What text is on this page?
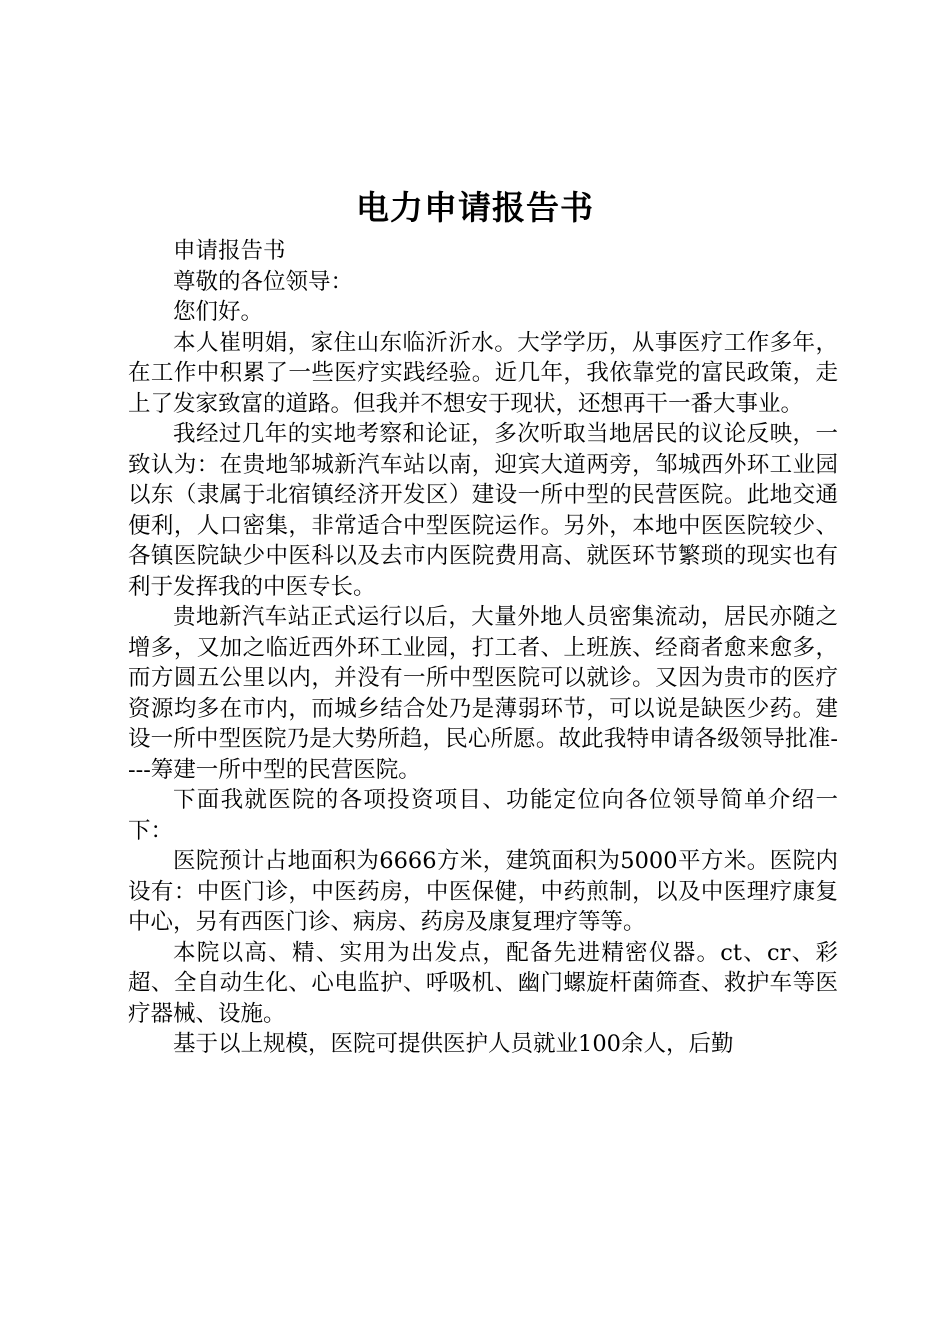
电力申请报告书

申请报告书

尊敬的各位领导：

您们好。

本人崔明娟，家住山东临沂沂水。大学学历，从事医疗工作多年，在工作中积累了一些医疗实践经验。近几年，我依靠党的富民政策，走上了发家致富的道路。但我并不想安于现状，还想再干一番大事业。

我经过几年的实地考察和论证，多次听取当地居民的议论反映，一致认为：在贵地邹城新汽车站以南，迎宾大道两旁，邹城西外环工业园以东（隶属于北宿镇经济开发区）建设一所中型的民营医院。此地交通便利，人口密集，非常适合中型医院运作。另外，本地中医医院较少、各镇医院缺少中医科以及去市内医院费用高、就医环节繁琐的现实也有利于发挥我的中医专长。

贵地新汽车站正式运行以后，大量外地人员密集流动，居民亦随之增多，又加之临近西外环工业园，打工者、上班族、经商者愈来愈多，而方圆五公里以内，并没有一所中型医院可以就诊。又因为贵市的医疗资源均多在市内，而城乡结合处乃是薄弱环节，可以说是缺医少药。建设一所中型医院乃是大势所趋，民心所愿。故此我特申请各级领导批准----筹建一所中型的民营医院。

下面我就医院的各项投资项目、功能定位向各位领导简单介绍一下：

医院预计占地面积为6666方米，建筑面积为5000平方米。医院内设有：中医门诊，中医药房，中医保健，中药煎制，以及中医理疗康复中心，另有西医门诊、病房、药房及康复理疗等等。

本院以高、精、实用为出发点，配备先进精密仪器。ct、cr、彩超、全自动生化、心电监护、呼吸机、幽门螺旋杆菌筛查、救护车等医疗器械、设施。

基于以上规模，医院可提供医护人员就业100余人，后勤
